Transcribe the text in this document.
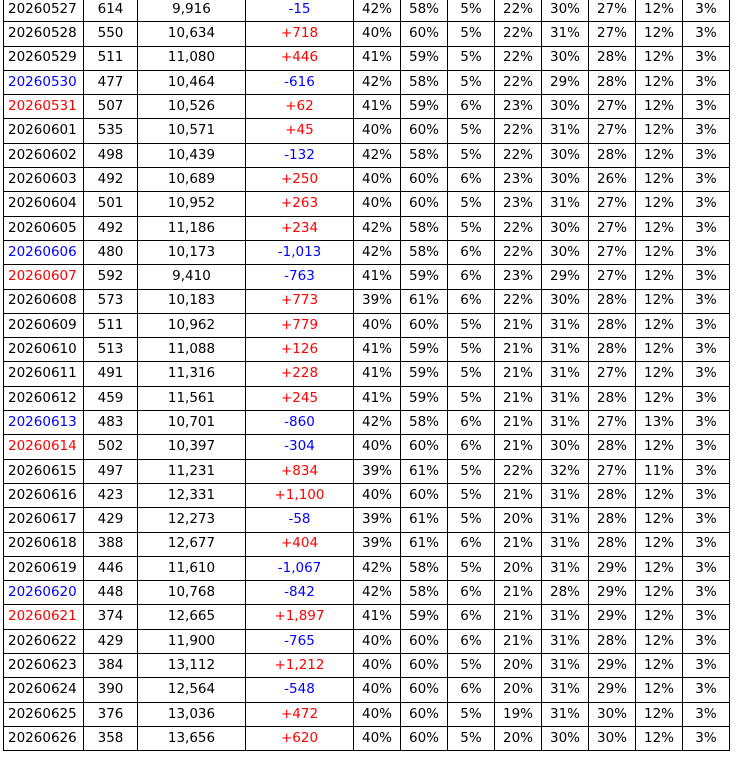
20260527	614	9,916	-15	42%	58%	5%	22%	30%	27%	12%	3%
20260528	550	10,634	+718	40%	60%	5%	22%	31%	27%	12%	3%
20260529	511	11,080	+446	41%	59%	5%	22%	30%	28%	12%	3%
20260530	477	10,464	-616	42%	58%	5%	22%	29%	28%	12%	3%
20260531	507	10,526	+62	41%	59%	6%	23%	30%	27%	12%	3%
20260601	535	10,571	+45	40%	60%	5%	22%	31%	27%	12%	3%
20260602	498	10,439	-132	42%	58%	5%	22%	30%	28%	12%	3%
20260603	492	10,689	+250	40%	60%	6%	23%	30%	26%	12%	3%
20260604	501	10,952	+263	40%	60%	5%	23%	31%	27%	12%	3%
20260605	492	11,186	+234	42%	58%	5%	22%	30%	27%	12%	3%
20260606	480	10,173	-1,013	42%	58%	6%	22%	30%	27%	12%	3%
20260607	592	9,410	-763	41%	59%	6%	23%	29%	27%	12%	3%
20260608	573	10,183	+773	39%	61%	6%	22%	30%	28%	12%	3%
20260609	511	10,962	+779	40%	60%	5%	21%	31%	28%	12%	3%
20260610	513	11,088	+126	41%	59%	5%	21%	31%	28%	12%	3%
20260611	491	11,316	+228	41%	59%	5%	21%	31%	27%	12%	3%
20260612	459	11,561	+245	41%	59%	5%	21%	31%	28%	12%	3%
20260613	483	10,701	-860	42%	58%	6%	21%	31%	27%	13%	3%
20260614	502	10,397	-304	40%	60%	6%	21%	30%	28%	12%	3%
20260615	497	11,231	+834	39%	61%	5%	22%	32%	27%	11%	3%
20260616	423	12,331	+1,100	40%	60%	5%	21%	31%	28%	12%	3%
20260617	429	12,273	-58	39%	61%	5%	20%	31%	28%	12%	3%
20260618	388	12,677	+404	39%	61%	6%	21%	31%	28%	12%	3%
20260619	446	11,610	-1,067	42%	58%	5%	20%	31%	29%	12%	3%
20260620	448	10,768	-842	42%	58%	6%	21%	28%	29%	12%	3%
20260621	374	12,665	+1,897	41%	59%	6%	21%	31%	29%	12%	3%
20260622	429	11,900	-765	40%	60%	6%	21%	31%	28%	12%	3%
20260623	384	13,112	+1,212	40%	60%	5%	20%	31%	29%	12%	3%
20260624	390	12,564	-548	40%	60%	6%	20%	31%	29%	12%	3%
20260625	376	13,036	+472	40%	60%	5%	19%	31%	30%	12%	3%
20260626	358	13,656	+620	40%	60%	5%	20%	30%	30%	12%	3%
